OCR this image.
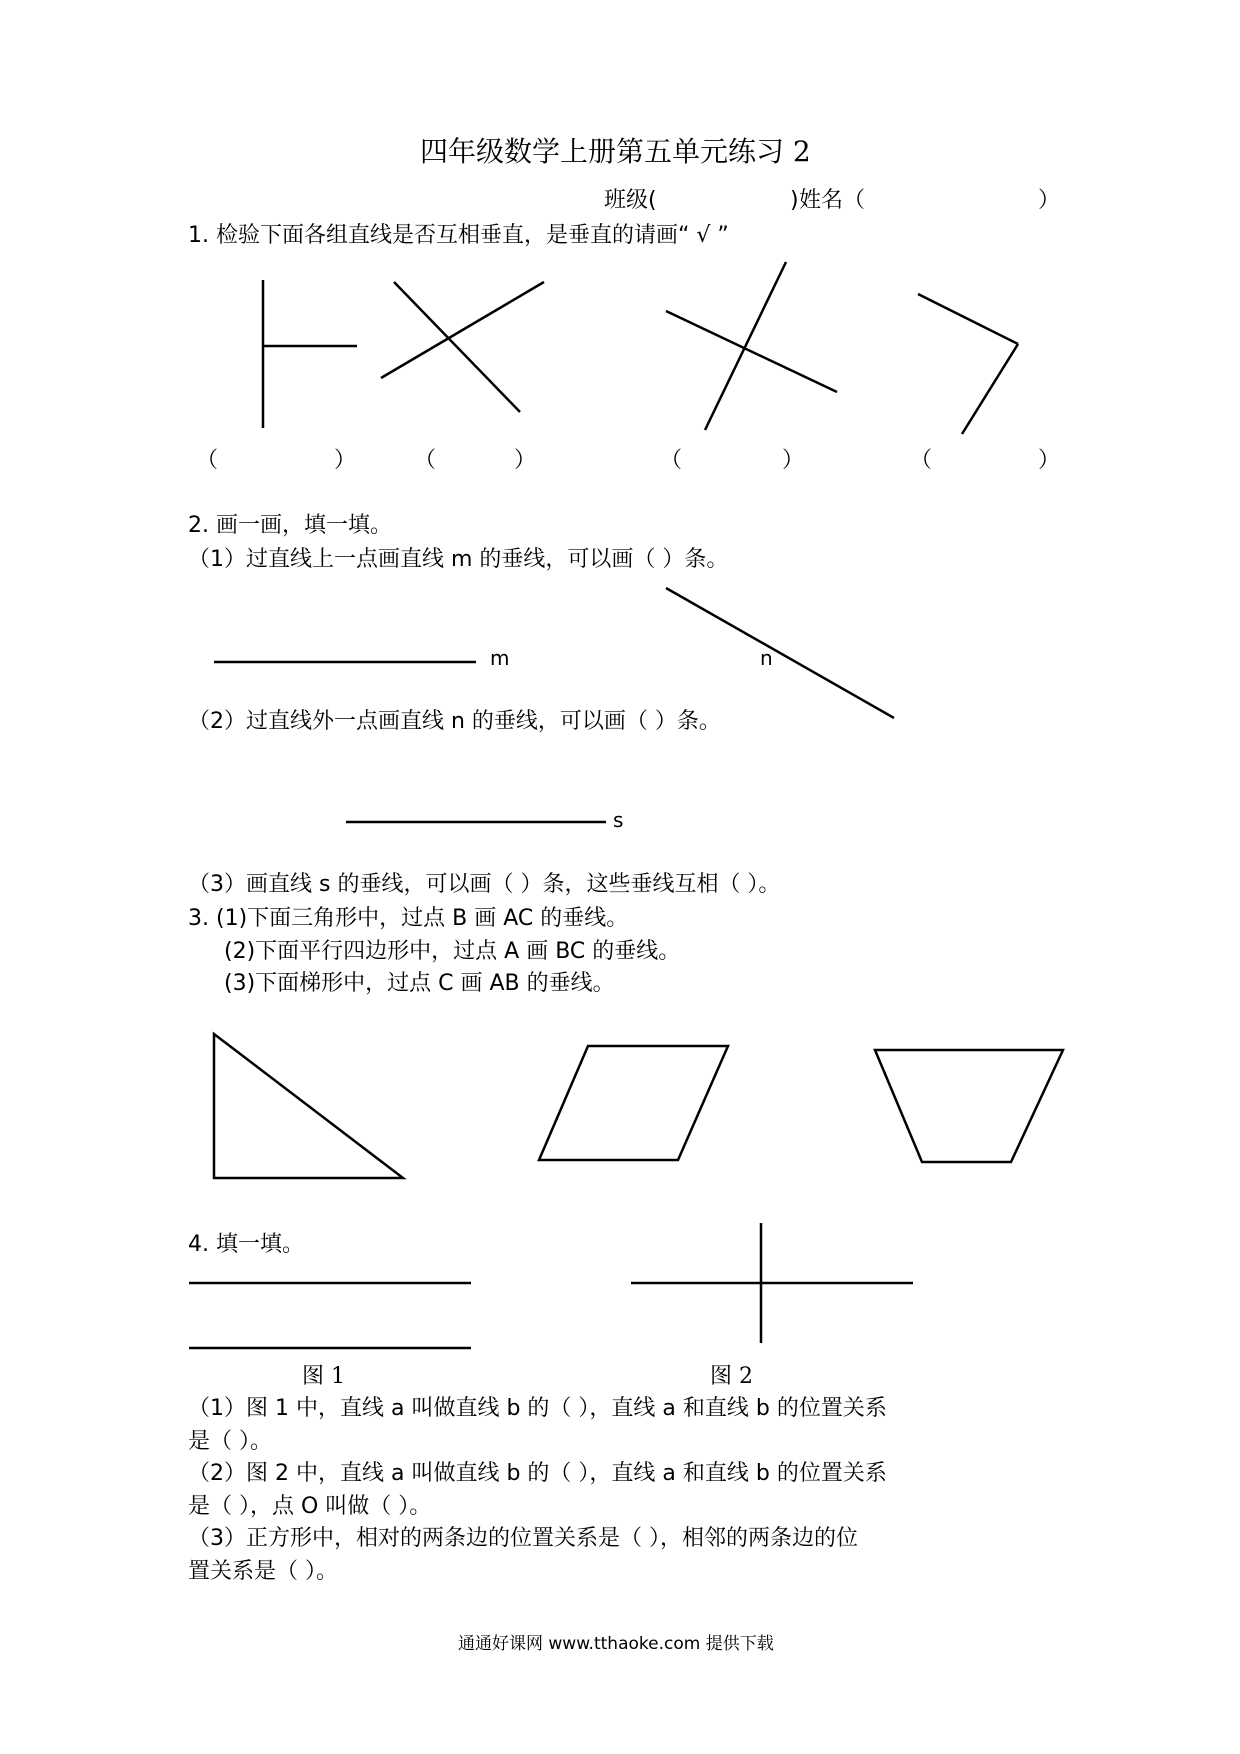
四年级数学上册第五单元练习 2
班级(	) 姓名（	）
1. 检验下面各组直线是否互相垂直，是垂直的请画“ √ ”
（	）	（	）	（	）	（	）
2. 画一画，填一填。
（1）过直线上一点画直线 m 的垂线，可以画（ ）条。
m	n
（2）过直线外一点画直线 n 的垂线，可以画（ ）条。
s
（3）画直线 s 的垂线，可以画（ ）条，这些垂线互相（ ）。
3. (1)下面三角形中，过点 B 画 AC 的垂线。
(2)下面平行四边形中，过点 A 画 BC 的垂线。
(3)下面梯形中，过点 C 画 AB 的垂线。
4. 填一填。
图 1	图 2
（1）图 1 中，直线 a 叫做直线 b 的（ ），直线 a 和直线 b 的位置关系
是（ ）。
（2）图 2 中，直线 a 叫做直线 b 的（ ），直线 a 和直线 b 的位置关系
是（ ），点 O 叫做（ ）。
（3）正方形中，相对的两条边的位置关系是（ ），相邻的两条边的位
置关系是（ ）。
通通好课网 www.tthaoke.com 提供下载
